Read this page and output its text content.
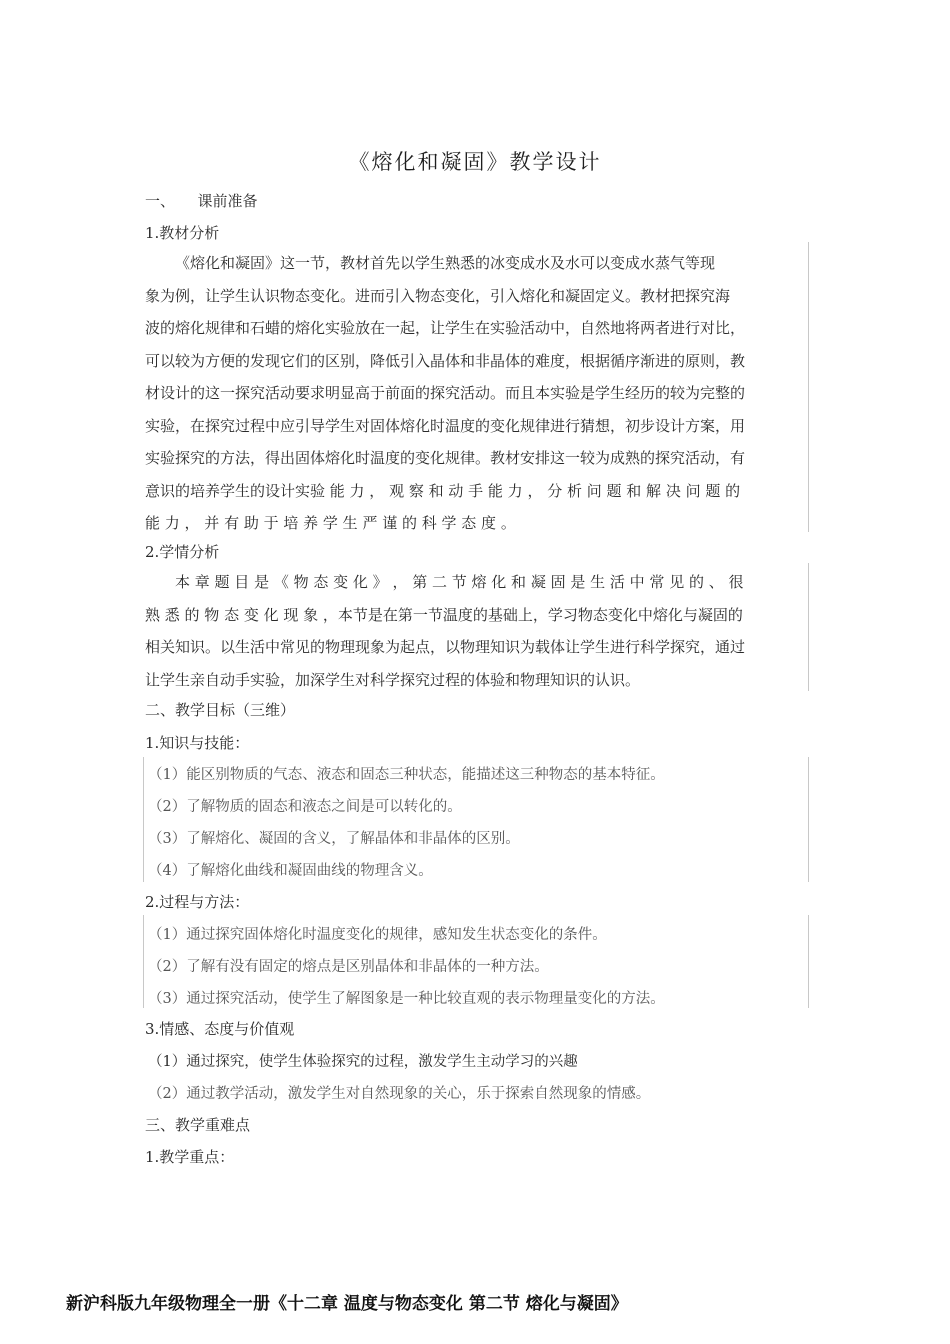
《熔化和凝固》教学设计
一、　　课前准备
1.教材分析
《熔化和凝固》这一节，教材首先以学生熟悉的冰变成水及水可以变成水蒸气等现
象为例，让学生认识物态变化。进而引入物态变化，引入熔化和凝固定义。教材把探究海
波的熔化规律和石蜡的熔化实验放在一起，让学生在实验活动中，自然地将两者进行对比，
可以较为方便的发现它们的区别，降低引入晶体和非晶体的难度，根据循序渐进的原则，教
材设计的这一探究活动要求明显高于前面的探究活动。而且本实验是学生经历的较为完整的
实验，在探究过程中应引导学生对固体熔化时温度的变化规律进行猜想，初步设计方案，用
实验探究的方法，得出固体熔化时温度的变化规律。教材安排这一较为成熟的探究活动，有
意识的培养学生的设计实验 能 力 ， 观 察 和 动 手 能 力 ， 分 析 问 题 和 解 决 问 题 的
能 力 ， 并 有 助 于 培 养 学 生 严 谨 的 科 学 态 度 。
2.学情分析
本 章 题 目 是 《 物 态 变 化 》 ， 第 二 节 熔 化 和 凝 固 是 生 活 中 常 见 的 、 很
熟 悉 的 物 态 变 化 现 象 ，本节是在第一节温度的基础上，学习物态变化中熔化与凝固的
相关知识。以生活中常见的物理现象为起点，以物理知识为载体让学生进行科学探究，通过
让学生亲自动手实验，加深学生对科学探究过程的体验和物理知识的认识。
二、教学目标（三维）
1.知识与技能：
（1）能区别物质的气态、液态和固态三种状态，能描述这三种物态的基本特征。
（2）了解物质的固态和液态之间是可以转化的。
（3）了解熔化、凝固的含义，了解晶体和非晶体的区别。
（4）了解熔化曲线和凝固曲线的物理含义。
2.过程与方法：
（1）通过探究固体熔化时温度变化的规律，感知发生状态变化的条件。
（2）了解有没有固定的熔点是区别晶体和非晶体的一种方法。
（3）通过探究活动，使学生了解图象是一种比较直观的表示物理量变化的方法。
3.情感、态度与价值观
（1）通过探究，使学生体验探究的过程，激发学生主动学习的兴趣
（2）通过教学活动，激发学生对自然现象的关心，乐于探索自然现象的情感。
三、教学重难点
1.教学重点：
新沪科版九年级物理全一册《十二章 温度与物态变化 第二节 熔化与凝固》
